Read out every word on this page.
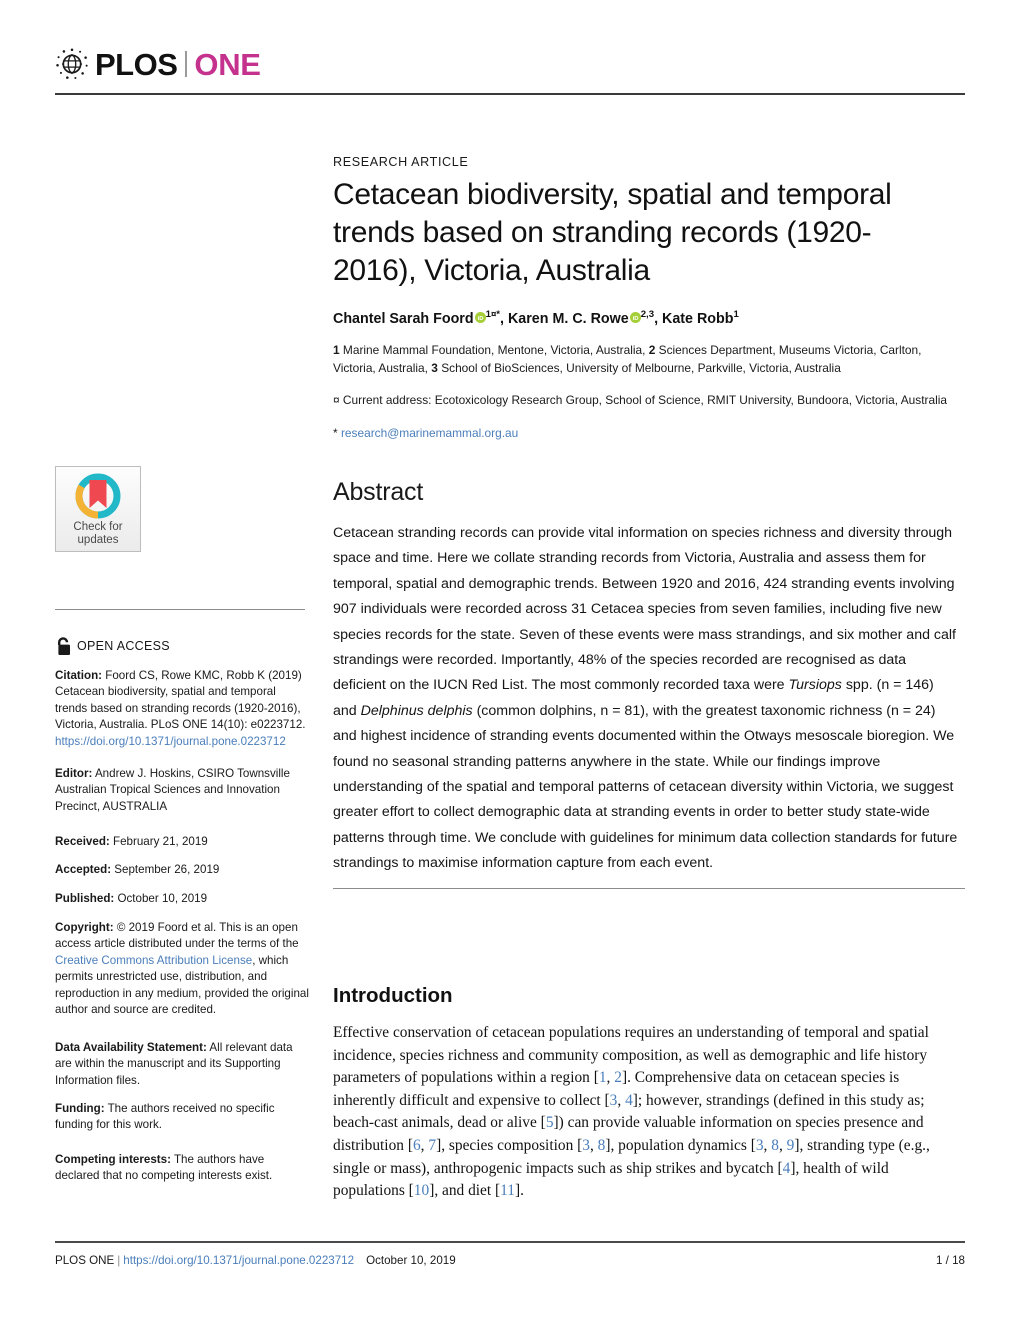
PLOS ONE
RESEARCH ARTICLE
Cetacean biodiversity, spatial and temporal trends based on stranding records (1920-2016), Victoria, Australia
Chantel Sarah Foord iD $^{1¤*}$, Karen M. C. Rowe iD $^{2,3}$, Kate Robb$^1$
1 Marine Mammal Foundation, Mentone, Victoria, Australia, 2 Sciences Department, Museums Victoria, Carlton, Victoria, Australia, 3 School of BioSciences, University of Melbourne, Parkville, Victoria, Australia
¤ Current address: Ecotoxicology Research Group, School of Science, RMIT University, Bundoora, Victoria, Australia
* research@marinemammal.org.au
Abstract
Cetacean stranding records can provide vital information on species richness and diversity through space and time. Here we collate stranding records from Victoria, Australia and assess them for temporal, spatial and demographic trends. Between 1920 and 2016, 424 stranding events involving 907 individuals were recorded across 31 Cetacea species from seven families, including five new species records for the state. Seven of these events were mass strandings, and six mother and calf strandings were recorded. Importantly, 48% of the species recorded are recognised as data deficient on the IUCN Red List. The most commonly recorded taxa were Tursiops spp. (n = 146) and Delphinus delphis (common dolphins, n = 81), with the greatest taxonomic richness (n = 24) and highest incidence of stranding events documented within the Otways mesoscale bioregion. We found no seasonal stranding patterns anywhere in the state. While our findings improve understanding of the spatial and temporal patterns of cetacean diversity within Victoria, we suggest greater effort to collect demographic data at stranding events in order to better study state-wide patterns through time. We conclude with guidelines for minimum data collection standards for future strandings to maximise information capture from each event.
Introduction
Effective conservation of cetacean populations requires an understanding of temporal and spatial incidence, species richness and community composition, as well as demographic and life history parameters of populations within a region [1, 2]. Comprehensive data on cetacean species is inherently difficult and expensive to collect [3, 4]; however, strandings (defined in this study as; beach-cast animals, dead or alive [5]) can provide valuable information on species presence and distribution [6, 7], species composition [3, 8], population dynamics [3, 8, 9], stranding type (e.g., single or mass), anthropogenic impacts such as ship strikes and bycatch [4], health of wild populations [10], and diet [11].
Check for
updates
OPEN ACCESS
Citation: Foord CS, Rowe KMC, Robb K (2019) Cetacean biodiversity, spatial and temporal trends based on stranding records (1920-2016), Victoria, Australia. PLoS ONE 14(10): e0223712. https://doi.org/10.1371/journal.pone.0223712
Editor: Andrew J. Hoskins, CSIRO Townsville Australian Tropical Sciences and Innovation Precinct, AUSTRALIA
Received: February 21, 2019
Accepted: September 26, 2019
Published: October 10, 2019
Copyright: © 2019 Foord et al. This is an open access article distributed under the terms of the Creative Commons Attribution License, which permits unrestricted use, distribution, and reproduction in any medium, provided the original author and source are credited.
Data Availability Statement: All relevant data are within the manuscript and its Supporting Information files.
Funding: The authors received no specific funding for this work.
Competing interests: The authors have declared that no competing interests exist.
PLOS ONE | https://doi.org/10.1371/journal.pone.0223712 October 10, 2019	1 / 18
